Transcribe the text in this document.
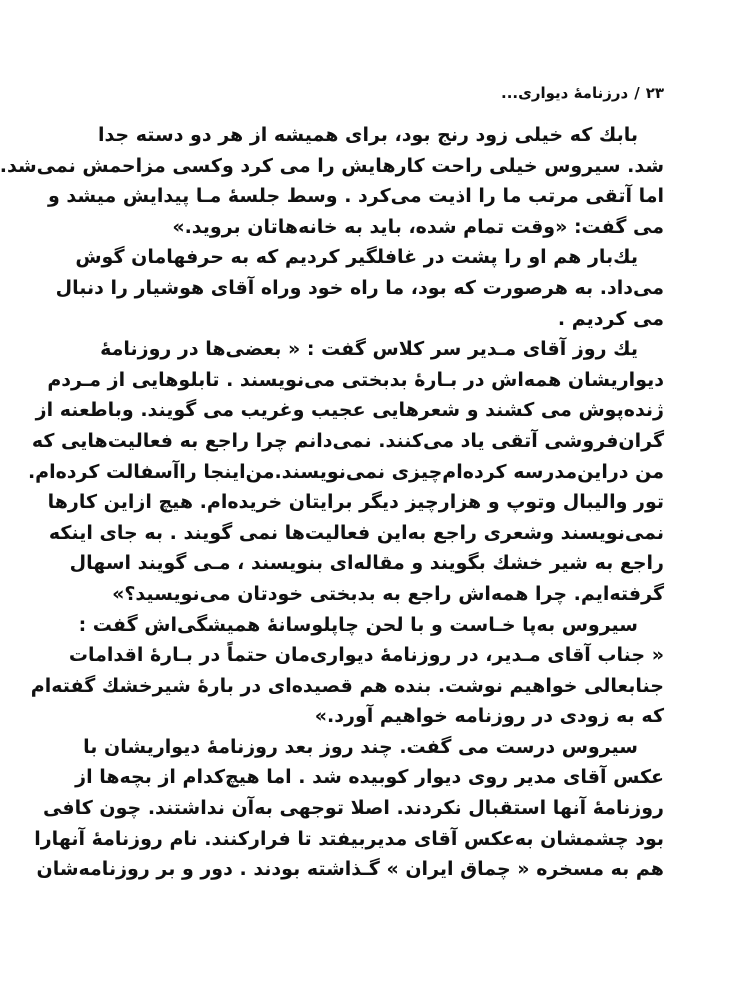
۲۳/درزنامهٔ دیواری...
بابك كه خیلی زود رنج بود، برای همیشه از هر دو دسته جدا
شد. سیروس خیلی راحت کارهایش را می کرد وکسی مزاحمش نمی‌شد.
اما آتقی مرتب ما را اذیت می‌کرد . وسط جلسهٔ مـا پیدایش میشد و
می گفت: «وقت تمام شده، باید به خانه‌هاتان بروید.»
یك‌بار هم او را پشت در غافلگیر کردیم که به حرفهامان گوش
می‌داد. به هرصورت که بود، ما راه خود وراه آقای هوشیار را دنبال
می کردیم .
یك روز آقای مـدیر سر کلاس گفت : « بعضی‌ها در روزنامهٔ
دیواریشان همه‌اش در بـارهٔ بدبختی می‌نویسند . تابلوهایی از مـردم
ژنده‌پوش می کشند و شعرهایی عجیب وغریب می گویند. وباطعنه از
گران‌فروشی آتقی یاد می‌کنند. نمی‌دانم چرا راجع به فعالیت‌هایی که
من دراین‌مدرسه کرده‌ام‌چیزی نمی‌نویسند.من‌اینجا راآسفالت کرده‌ام.
تور والیبال وتوپ و هزارچیز دیگر برایتان خریده‌ام. هیچ ازاین کارها
نمی‌نویسند وشعری راجع به‌این فعالیت‌ها نمی گویند . به جای اینکه
راجع به شیر خشك بگویند و مقاله‌ای بنویسند ، مـی گویند اسهال
گرفته‌ایم. چرا همه‌اش راجع به بدبختی خودتان می‌نویسید؟»
سیروس به‌پا خـاست و با لحن چاپلوسانهٔ همیشگی‌اش گفت :
« جناب آقای مـدیر، در روزنامهٔ دیواری‌مان حتماً در بـارهٔ اقدامات
جنابعالی خواهیم نوشت. بنده هم قصیده‌ای در بارهٔ شیرخشك گفته‌ام
كه به زودی در روزنامه خواهیم آورد.»
سیروس درست می گفت. چند روز بعد روزنامهٔ دیواریشان با
عکس آقای مدیر روی دیوار کوبیده شد . اما هیچ‌کدام از بچه‌ها از
روزنامهٔ آنها استقبال نکردند. اصلا توجهی به‌آن نداشتند. چون کافی
بود چشمشان به‌عکس آقای مدیربیفتد تا فرارکنند. نام روزنامهٔ آنهارا
هم به مسخره « چماق ایران » گـذاشته بودند . دور و بر روزنامه‌شان
